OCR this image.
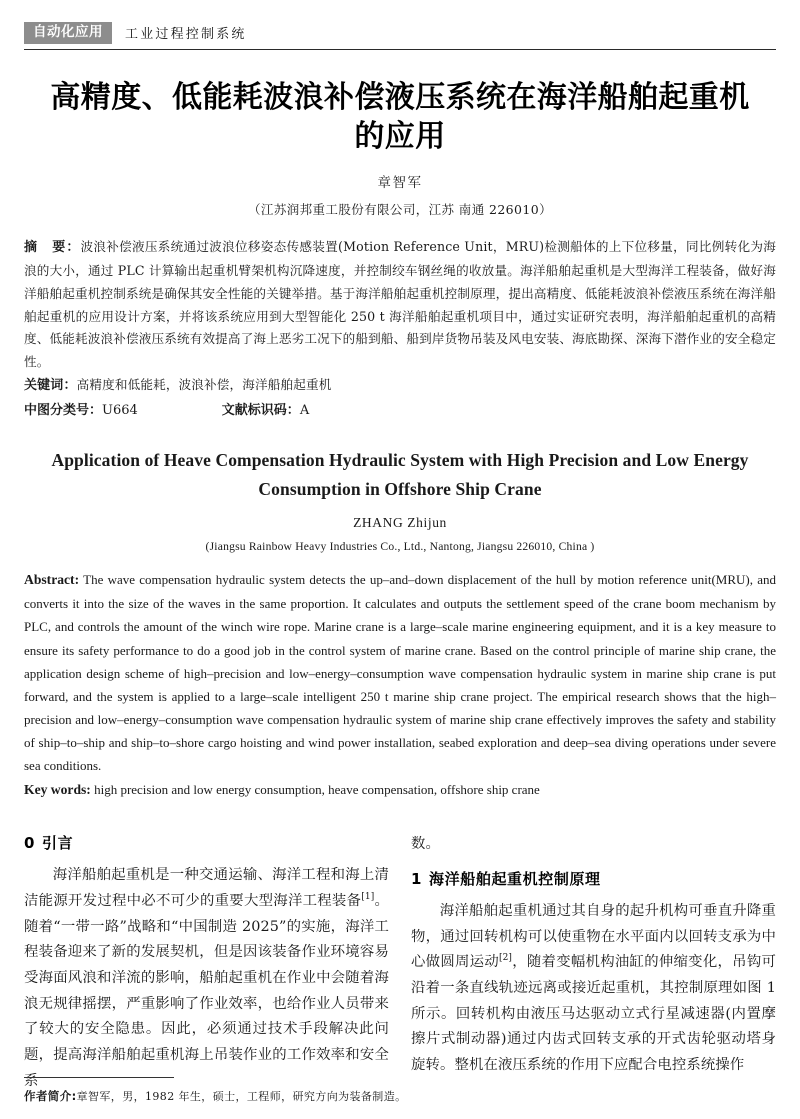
自动化应用	工业过程控制系统
高精度、低能耗波浪补偿液压系统在海洋船舶起重机的应用
章智军
（江苏润邦重工股份有限公司，江苏 南通 226010）
摘　要：波浪补偿液压系统通过波浪位移姿态传感装置(Motion Reference Unit，MRU)检测船体的上下位移量，同比例转化为海浪的大小，通过 PLC 计算输出起重机臂架机构沉降速度，并控制绞车钢丝绳的收放量。海洋船舶起重机是大型海洋工程装备，做好海洋船舶起重机控制系统是确保其安全性能的关键举措。基于海洋船舶起重机控制原理，提出高精度、低能耗波浪补偿液压系统在海洋船舶起重机的应用设计方案，并将该系统应用到大型智能化 250 t 海洋船舶起重机项目中，通过实证研究表明，海洋船舶起重机的高精度、低能耗波浪补偿液压系统有效提高了海上恶劣工况下的船到船、船到岸货物吊装及风电安装、海底勘探、深海下潜作业的安全稳定性。
关键词：高精度和低能耗，波浪补偿，海洋船舶起重机
中图分类号：U664	文献标识码：A
Application of Heave Compensation Hydraulic System with High Precision and Low Energy Consumption in Offshore Ship Crane
ZHANG Zhijun
(Jiangsu Rainbow Heavy Industries Co., Ltd., Nantong, Jiangsu 226010, China )
Abstract: The wave compensation hydraulic system detects the up–and–down displacement of the hull by motion reference unit(MRU), and converts it into the size of the waves in the same proportion. It calculates and outputs the settlement speed of the crane boom mechanism by PLC, and controls the amount of the winch wire rope. Marine crane is a large–scale marine engineering equipment, and it is a key measure to ensure its safety performance to do a good job in the control system of marine crane. Based on the control principle of marine ship crane, the application design scheme of high–precision and low–energy–consumption wave compensation hydraulic system in marine ship crane is put forward, and the system is applied to a large–scale intelligent 250 t marine ship crane project. The empirical research shows that the high–precision and low–energy–consumption wave compensation hydraulic system of marine ship crane effectively improves the safety and stability of ship–to–ship and ship–to–shore cargo hoisting and wind power installation, seabed exploration and deep–sea diving operations under severe sea conditions.
Key words: high precision and low energy consumption, heave compensation, offshore ship crane
0 引言

海洋船舶起重机是一种交通运输、海洋工程和海上清洁能源开发过程中必不可少的重要大型海洋工程装备[1]。随着“一带一路”战略和“中国制造 2025”的实施，海洋工程装备迎来了新的发展契机，但是因该装备作业环境容易受海面风浪和洋流的影响，船舶起重机在作业中会随着海浪无规律摇摆，严重影响了作业效率，也给作业人员带来了较大的安全隐患。因此，必须通过技术手段解决此问题，提高海洋船舶起重机海上吊装作业的工作效率和安全系

数。

1 海洋船舶起重机控制原理

海洋船舶起重机通过其自身的起升机构可垂直升降重物，通过回转机构可以使重物在水平面内以回转支承为中心做圆周运动[2]，随着变幅机构油缸的伸缩变化，吊钩可沿着一条直线轨迹远离或接近起重机，其控制原理如图 1 所示。回转机构由液压马达驱动立式行星减速器(内置摩擦片式制动器)通过内齿式回转支承的开式齿轮驱动塔身旋转。整机在液压系统的作用下应配合电控系统操作

作者简介:章智军，男，1982 年生，硕士，工程师，研究方向为装备制造。
